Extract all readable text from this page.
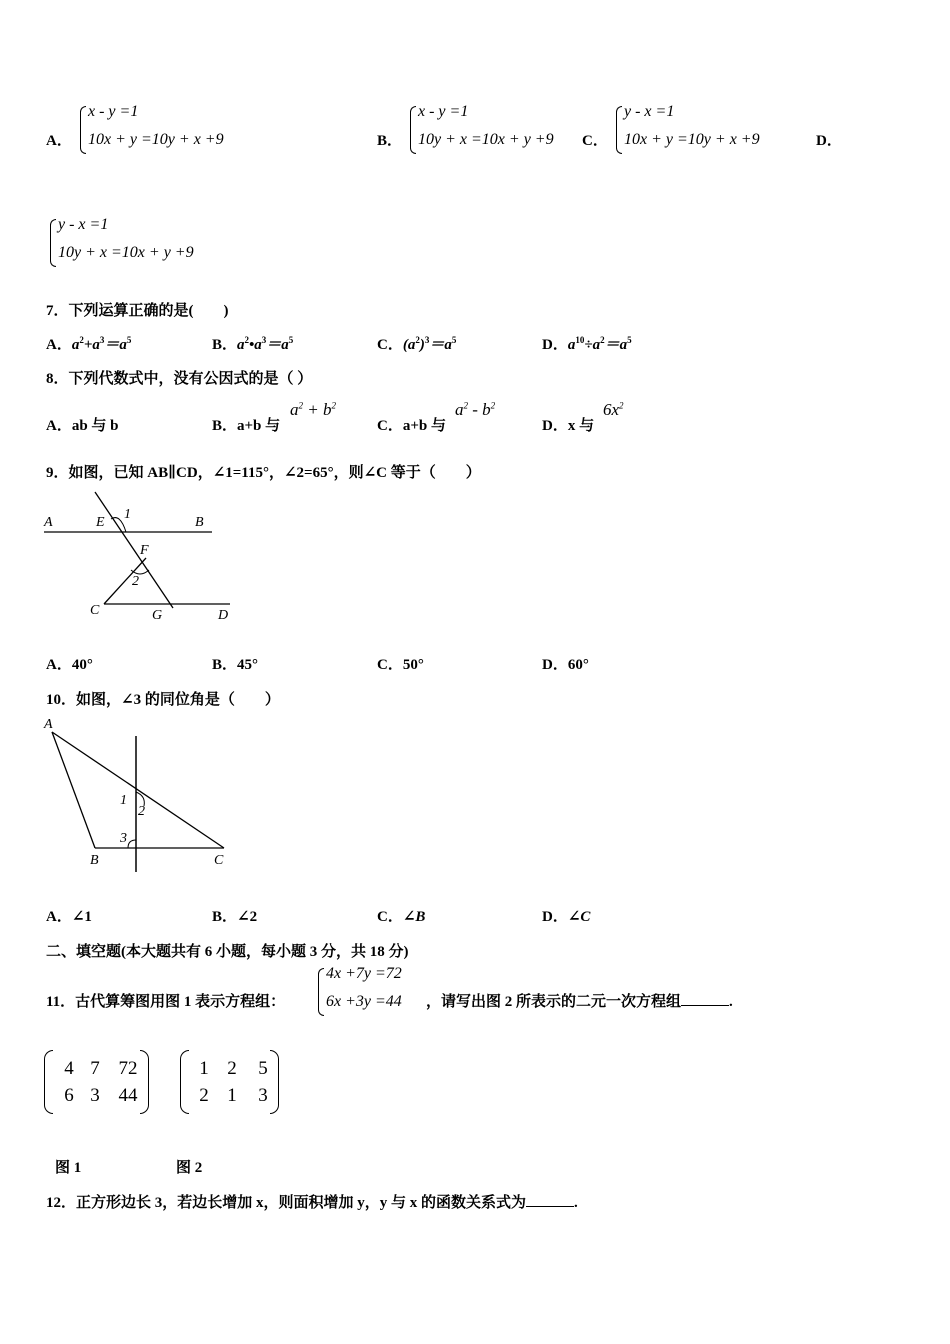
A．
x - y =1
10x + y =10y + x +9	B．
x - y =1
10y + x =10x + y +9 C．
y - x =1
10x + y =10y + x +9	D．
y - x =1
10y + x =10x + y +9
7．下列运算正确的是(　　)
A．$a^2+a^3=a^5$	B．$a^2•a^3=a^5$	C．$(a^2)^3=a^5$	D．$a^{10}\div a^2=a^5$
8．下列代数式中，没有公因式的是（ ）
A．ab 与 b	B．a+b 与
$a^2 + b^2$
C．a+b 与
$a^2 - b^2$
D．x 与
$6x^2$
9．如图，已知 AB∥CD，∠1=115°，∠2=65°，则∠C 等于（　　）
A	E
1
B
F
2
C	G	D
A．40°	B．45°	C．50°	D．60°
10．如图，∠3 的同位角是（　　）
A
1
2
3
B	C
A．∠1	B．∠2	C．∠B	D．∠C
二、填空题(本大题共有 6 小题，每小题 3 分，共 18 分)
11．古代算筹图用图 1 表示方程组：
4x +7y =72
6x +3y =44 ，请写出图 2 所表示的二元一次方程组	.
4 7 72
6 3 44
1 2 5
2 1 3
图 1	图 2
12．正方形边长 3，若边长增加 x，则面积增加 y，y 与 x 的函数关系式为	.
